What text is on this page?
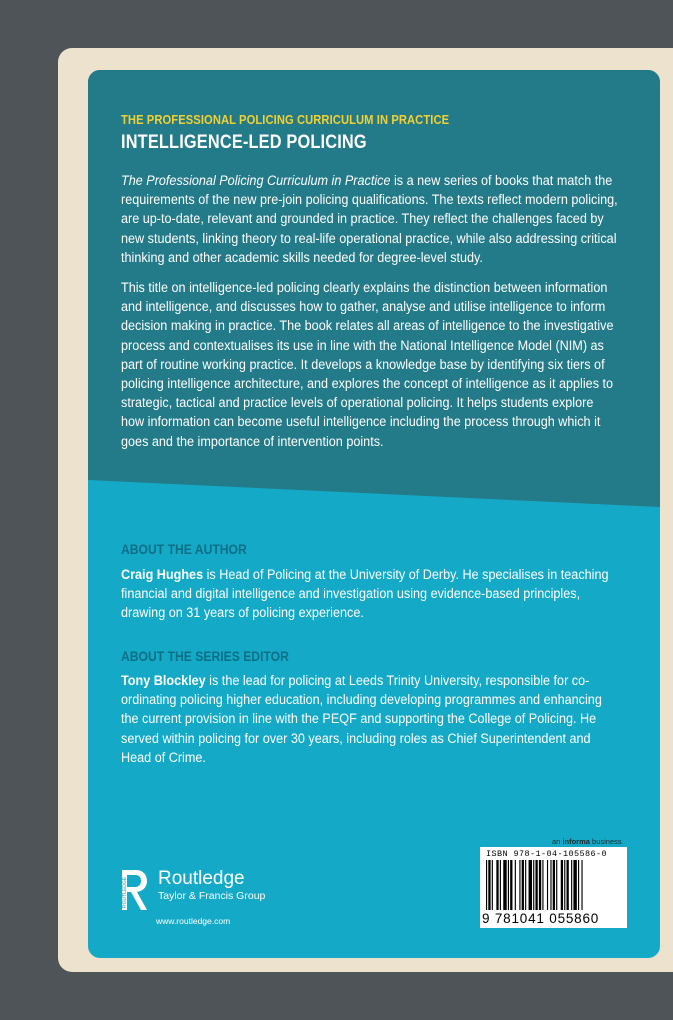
THE PROFESSIONAL POLICING CURRICULUM IN PRACTICE
INTELLIGENCE-LED POLICING
The Professional Policing Curriculum in Practice is a new series of books that match the requirements of the new pre-join policing qualifications. The texts reflect modern policing, are up-to-date, relevant and grounded in practice. They reflect the challenges faced by new students, linking theory to real-life operational practice, while also addressing critical thinking and other academic skills needed for degree-level study.
This title on intelligence-led policing clearly explains the distinction between information and intelligence, and discusses how to gather, analyse and utilise intelligence to inform decision making in practice. The book relates all areas of intelligence to the investigative process and contextualises its use in line with the National Intelligence Model (NIM) as part of routine working practice. It develops a knowledge base by identifying six tiers of policing intelligence architecture, and explores the concept of intelligence as it applies to strategic, tactical and practice levels of operational policing. It helps students explore how information can become useful intelligence including the process through which it goes and the importance of intervention points.
ABOUT THE AUTHOR
Craig Hughes is Head of Policing at the University of Derby. He specialises in teaching financial and digital intelligence and investigation using evidence-based principles, drawing on 31 years of policing experience.
ABOUT THE SERIES EDITOR
Tony Blockley is the lead for policing at Leeds Trinity University, responsible for co-ordinating policing higher education, including developing programmes and enhancing the current provision in line with the PEQF and supporting the College of Policing. He served within policing for over 30 years, including roles as Chief Superintendent and Head of Crime.
ROUTLEDGE Routledge
Taylor & Francis Group
www.routledge.com
an informa business
ISBN 978-1-04-105586-0
9 781041 055860
